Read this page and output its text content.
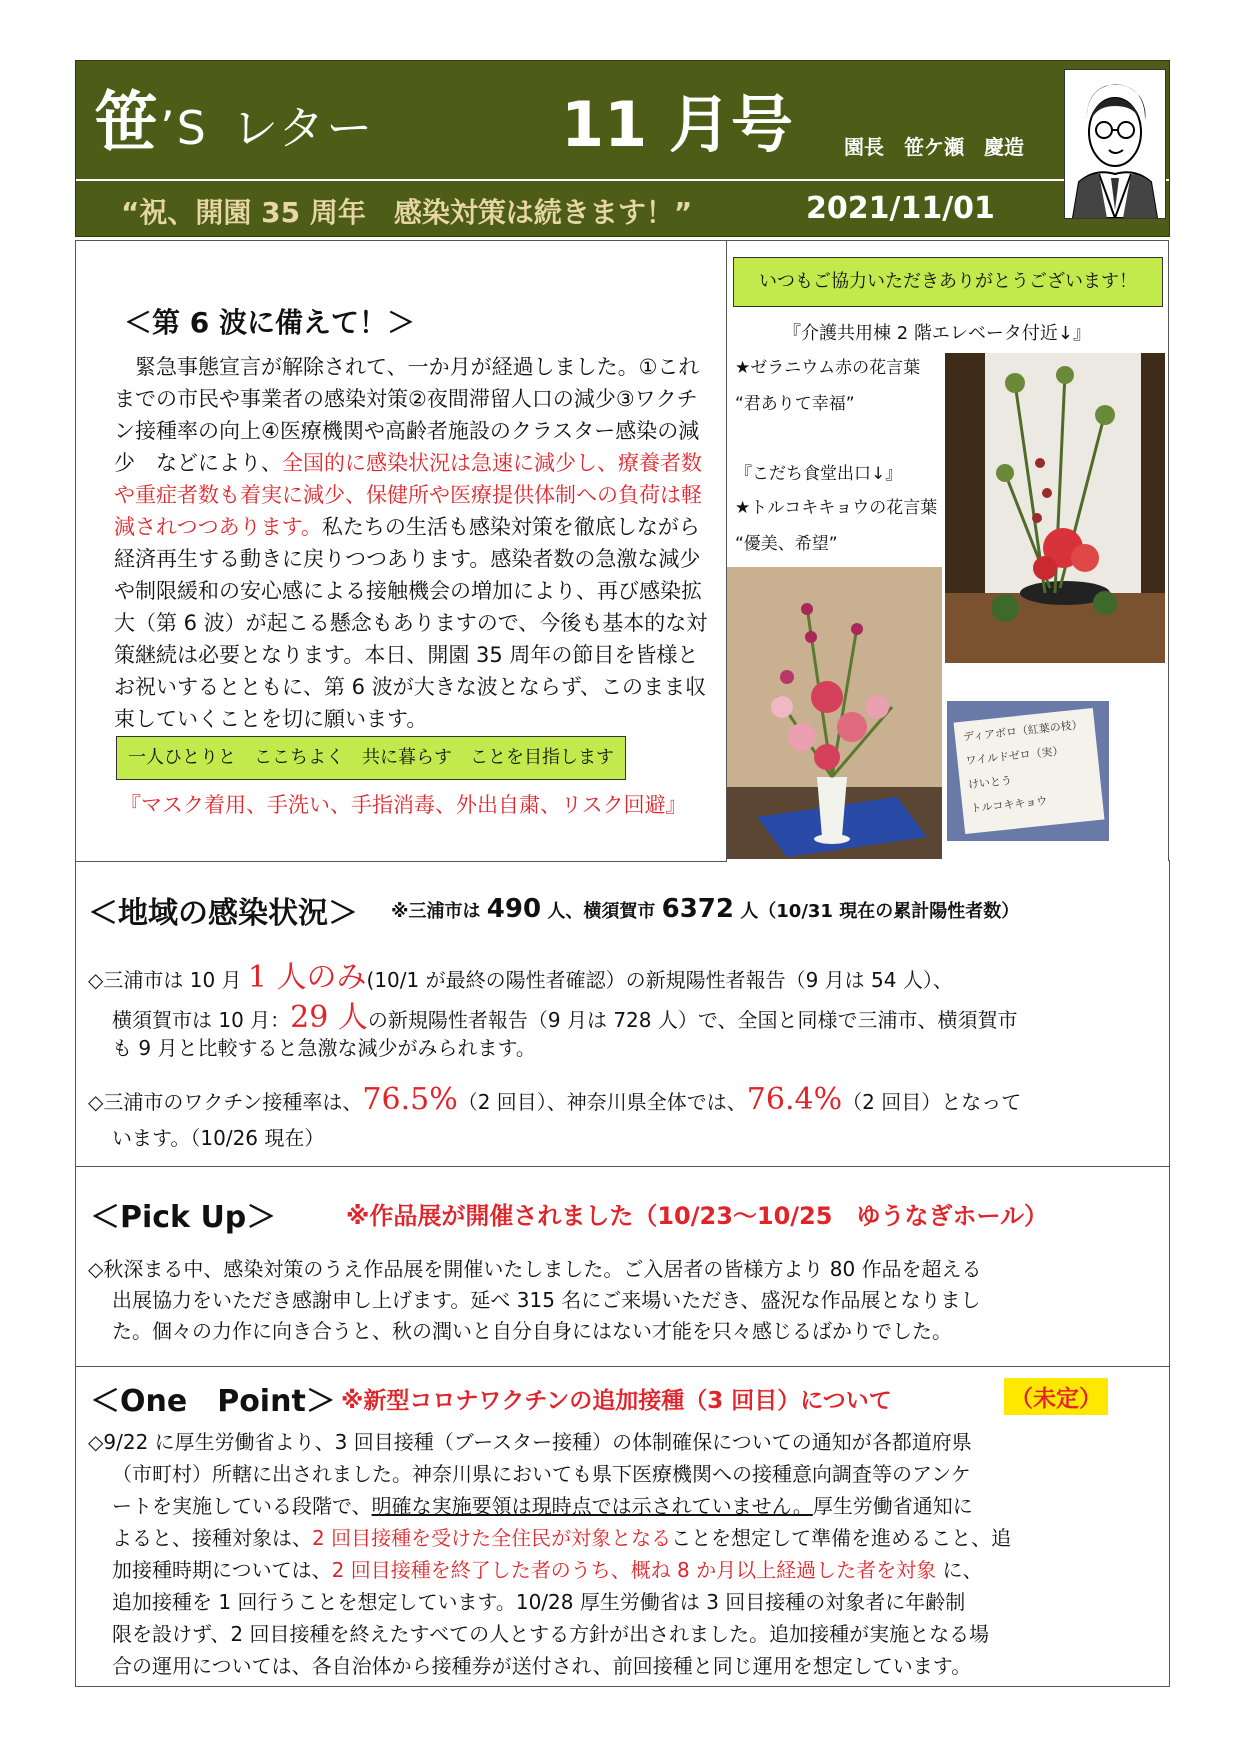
笹’S レター	11 月号	園長　笹ケ瀬　慶造
“祝、開園 35 周年　感染対策は続きます！”	2021/11/01
＜第 6 波に備えて！＞
　緊急事態宣言が解除されて、一か月が経過しました。①これまでの市民や事業者の感染対策②夜間滞留人口の減少③ワクチン接種率の向上④医療機関や高齢者施設のクラスター感染の減少　などにより、全国的に感染状況は急速に減少し、療養者数や重症者数も着実に減少、保健所や医療提供体制への負荷は軽減されつつあります。私たちの生活も感染対策を徹底しながら経済再生する動きに戻りつつあります。感染者数の急激な減少や制限緩和の安心感による接触機会の増加により、再び感染拡大（第 6 波）が起こる懸念もありますので、今後も基本的な対策継続は必要となります。本日、開園 35 周年の節目を皆様とお祝いするとともに、第 6 波が大きな波とならず、このまま収束していくことを切に願います。
一人ひとりと　ここちよく　共に暮らす　ことを目指します
『マスク着用、手洗い、手指消毒、外出自粛、リスク回避』
いつもご協力いただきありがとうございます！
『介護共用棟 2 階エレベータ付近↓』
★ゼラニウム赤の花言葉
“君ありて幸福”
『こだち食堂出口↓』
★トルコキキョウの花言葉
“優美、希望”
ディアボロ（紅葉の枝）
ワイルドゼロ（実）
けいとう
トルコキキョウ
＜地域の感染状況＞ ※三浦市は 490 人、横須賀市 6372 人（10/31 現在の累計陽性者数）
◇三浦市は 10 月 1 人のみ(10/1 が最終の陽性者確認）の新規陽性者報告（9 月は 54 人）、
横須賀市は 10 月：29 人の新規陽性者報告（9 月は 728 人）で、全国と同様で三浦市、横須賀市
も 9 月と比較すると急激な減少がみられます。
◇三浦市のワクチン接種率は、76.5%（2 回目）、神奈川県全体では、76.4%（2 回目）となって
います。（10/26 現在）
＜Pick Up＞	※作品展が開催されました（10/23～10/25　ゆうなぎホール）
◇秋深まる中、感染対策のうえ作品展を開催いたしました。ご入居者の皆様方より 80 作品を超える
出展協力をいただき感謝申し上げます。延べ 315 名にご来場いただき、盛況な作品展となりまし
た。個々の力作に向き合うと、秋の潤いと自分自身にはない才能を只々感じるばかりでした。
＜One　Point＞ ※新型コロナワクチンの追加接種（3 回目）について	（未定）
◇9/22 に厚生労働省より、3 回目接種（ブースター接種）の体制確保についての通知が各都道府県
（市町村）所轄に出されました。神奈川県においても県下医療機関への接種意向調査等のアンケ
ートを実施している段階で、明確な実施要領は現時点では示されていません。厚生労働省通知に
よると、接種対象は、2 回目接種を受けた全住民が対象となることを想定して準備を進めること、追
加接種時期については、2 回目接種を終了した者のうち、概ね 8 か月以上経過した者を対象 に、
追加接種を 1 回行うことを想定しています。10/28 厚生労働省は 3 回目接種の対象者に年齢制
限を設けず、2 回目接種を終えたすべての人とする方針が出されました。追加接種が実施となる場
合の運用については、各自治体から接種券が送付され、前回接種と同じ運用を想定しています。
